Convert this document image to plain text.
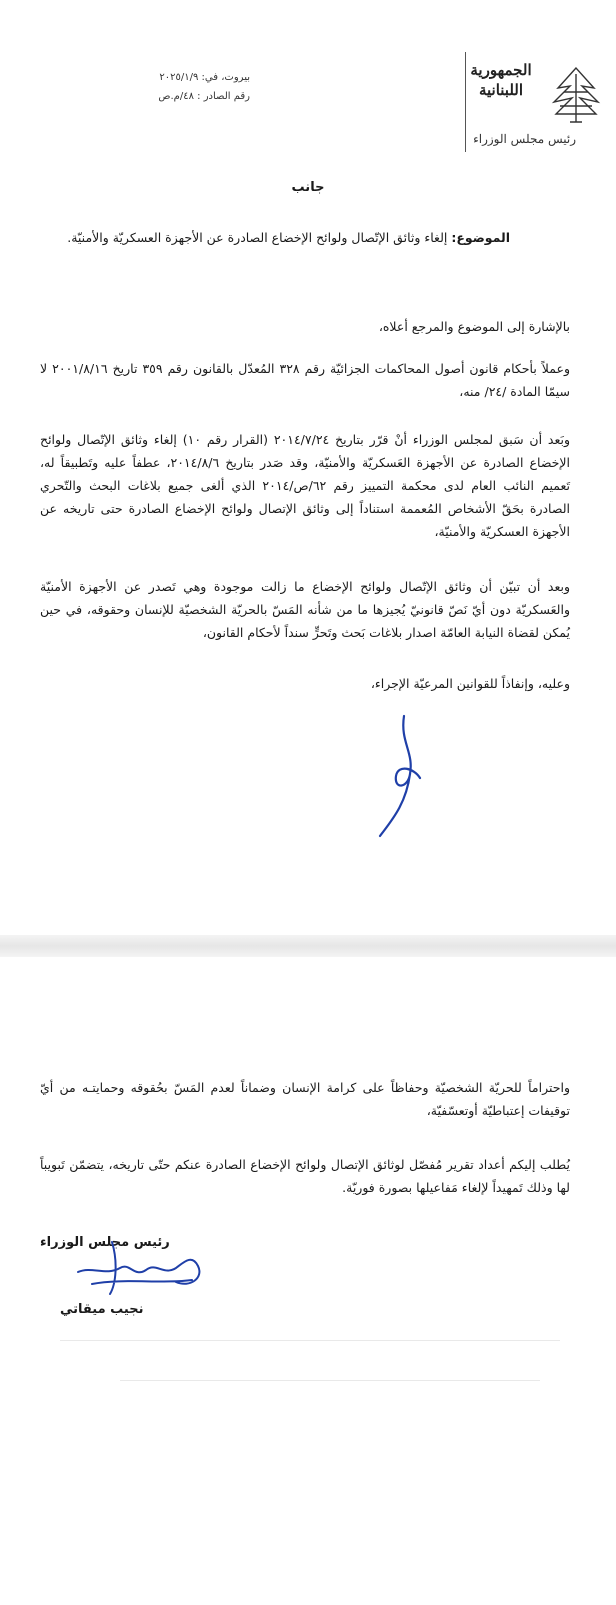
الجمهورية اللبنانية
رئيس مجلس الوزراء
بيروت، في: ٢٠٢٥/١/٩
رقم الصادر : ٤٨/م.ص
جانب
الموضوع: إلغاء وثائق الإتّصال ولوائح الإخضاع الصادرة عن الأجهزة العسكريّة والأمنيّة.
بالإشارة إلى الموضوع والمرجع أعلاه،
وعملاً بأحكام قانون أصول المحاكمات الجزائيّة رقم ٣٢٨ المُعدّل بالقانون رقم ٣٥٩ تاريخ ٢٠٠١/٨/١٦ لا سيمّا المادة /٢٤/ منه،
وبَعد أن سَبق لمجلس الوزراء أنْ قرّر بتاريخ ٢٠١٤/٧/٢٤ (القرار رقم ١٠) إلغاء وثائق الإتّصال ولوائح الإخضاع الصادرة عن الأجهزة العَسكريّة والأمنيّة، وقد صَدر بتاريخ ٢٠١٤/٨/٦، عطفاً عليه وتَطبيقاً له، تَعميم النائب العام لدى محكمة التمييز رقم ٦٢/ص/٢٠١٤ الذي ألغى جميع بلاغات البحث والتّحري الصادرة بحَقّ الأشخاص المُعممة استناداً إلى وثائق الإتصال ولوائح الإخضاع الصادرة حتى تاريخه عن الأجهزة العسكريّة والأمنيّة،
وبعد أن تبيّن أن وثائق الإتّصال ولوائح الإخضاع ما زالت موجودة وهي تَصدر عن الأجهزة الأمنيّة والعَسكريّة دون أيّ نَصّ قانونيّ يُجيزها ما من شأنه المَسّ بالحريّة الشخصيّة للإنسان وحقوقه، في حين يُمكن لقضاة النيابة العامّة اصدار بلاغات بَحث وتَحرٍّ سنداً لأحكام القانون،
وعليه، وإنفاذاً للقوانين المرعيّة الإجراء،
واحتراماً للحريّة الشخصيّة وحفاظاً على كرامة الإنسان وضماناً لعدم المَسّ بحُقوقه وحمايتـه من أيّ توقيفات إعتباطيّة أوتعسّفيّة،
يُطلب إليكم أعداد تقرير مُفصّل لوثائق الإتصال ولوائح الإخضاع الصادرة عنكم حتّى تاريخه، يتضمّن تَبويباً لها وذلك تَمهيداً لإلغاء مَفاعيلها بصورة فوريّة.
رئيس مجلس الوزراء
نجيب ميقاتي
